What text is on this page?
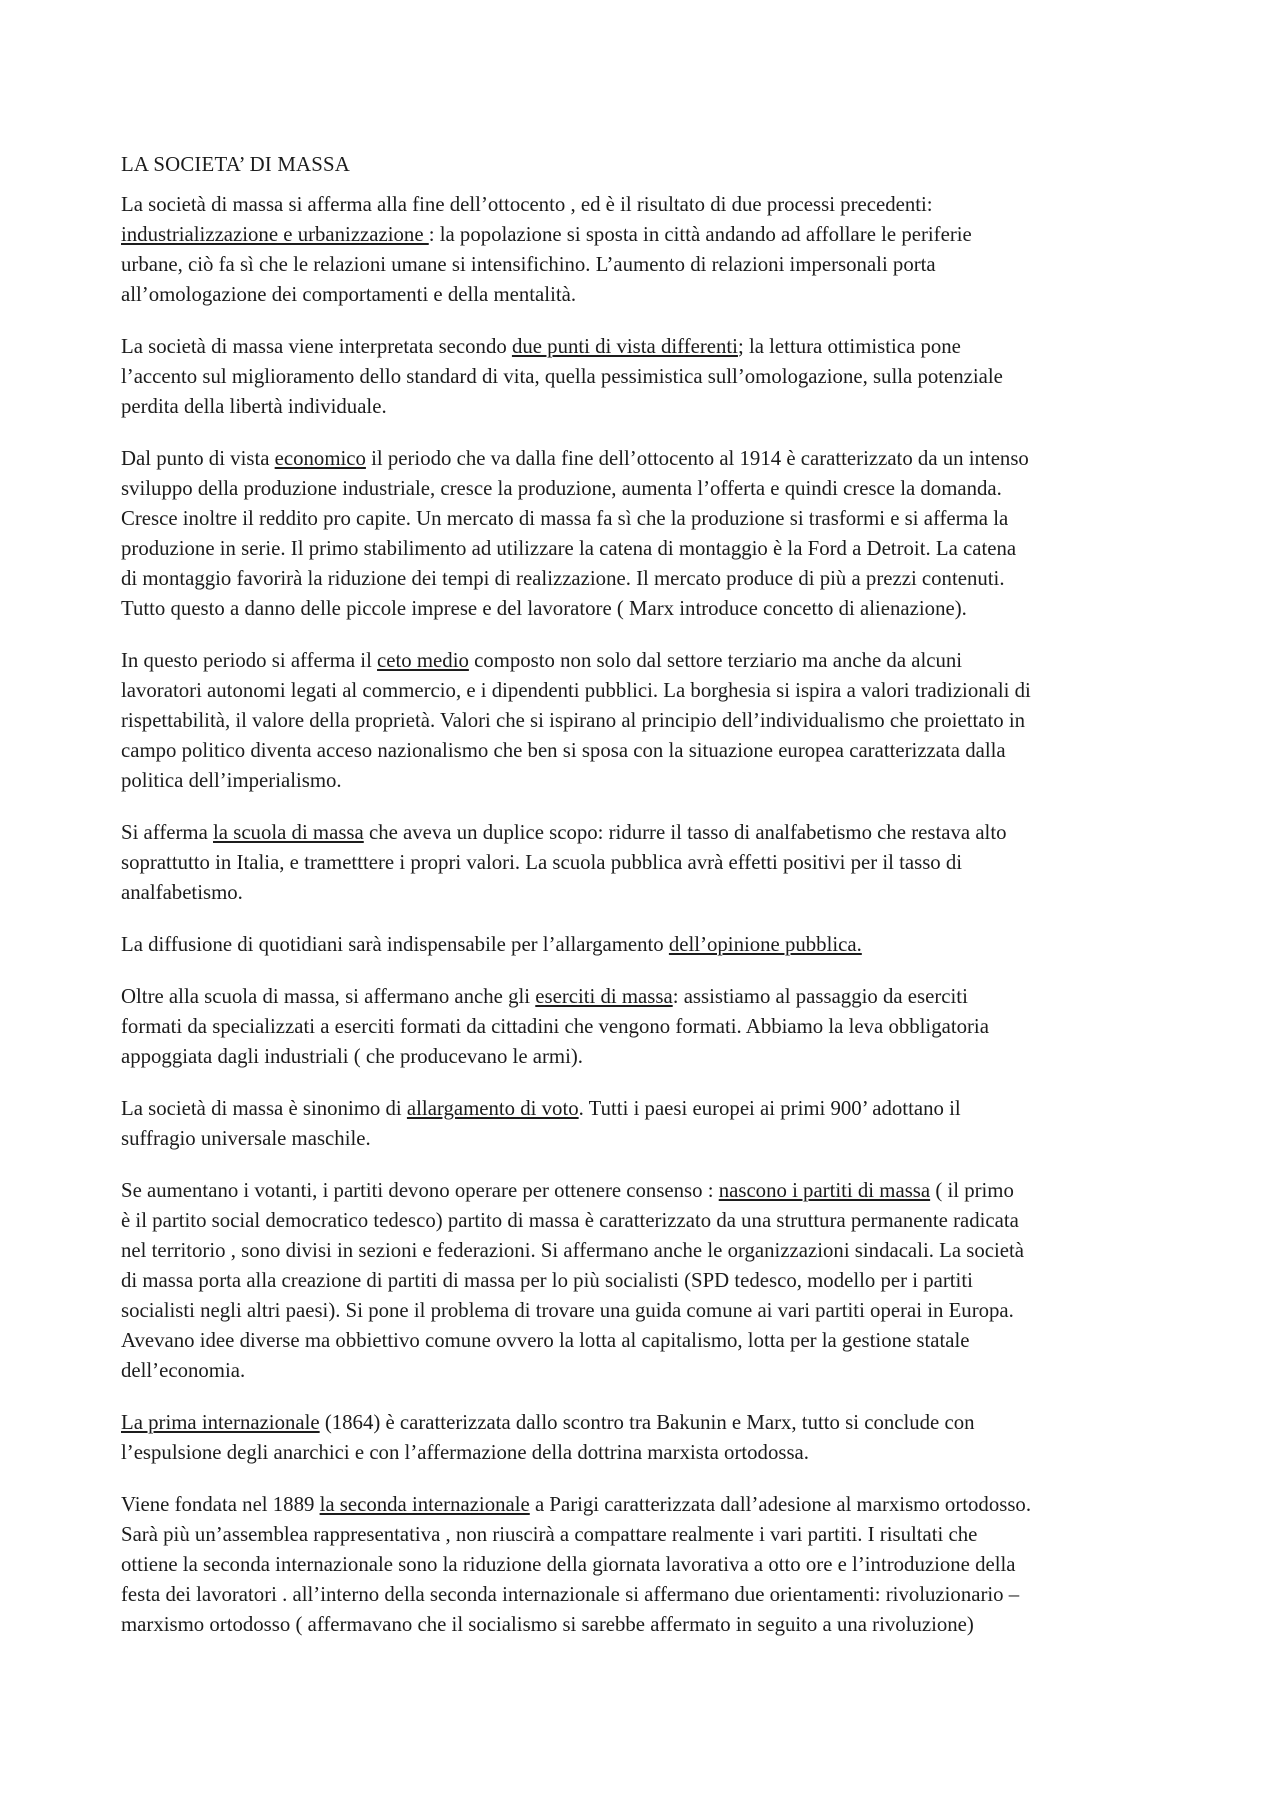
LA SOCIETA’ DI MASSA

La società di massa si afferma alla fine dell’ottocento , ed è il risultato di due processi precedenti:
industrializzazione e urbanizzazione : la popolazione si sposta in città andando ad affollare le periferie
urbane, ciò fa sì che le relazioni umane si intensifichino. L’aumento di relazioni impersonali porta
all’omologazione dei comportamenti e della mentalità.

La società di massa viene interpretata secondo due punti di vista differenti; la lettura ottimistica pone
l’accento sul miglioramento dello standard di vita, quella pessimistica sull’omologazione, sulla potenziale
perdita della libertà individuale.

Dal punto di vista economico il periodo che va dalla fine dell’ottocento al 1914 è caratterizzato da un intenso
sviluppo della produzione industriale, cresce la produzione, aumenta l’offerta e quindi cresce la domanda.
Cresce inoltre il reddito pro capite. Un mercato di massa fa sì che la produzione si trasformi e si afferma la
produzione in serie. Il primo stabilimento ad utilizzare la catena di montaggio è la Ford a Detroit. La catena
di montaggio favorirà la riduzione dei tempi di realizzazione. Il mercato produce di più a prezzi contenuti.
Tutto questo a danno delle piccole imprese e del lavoratore ( Marx introduce concetto di alienazione).

In questo periodo si afferma il ceto medio composto non solo dal settore terziario ma anche da alcuni
lavoratori autonomi legati al commercio, e i dipendenti pubblici. La borghesia si ispira a valori tradizionali di
rispettabilità, il valore della proprietà. Valori che si ispirano al principio dell’individualismo che proiettato in
campo politico diventa acceso nazionalismo che ben si sposa con la situazione europea caratterizzata dalla
politica dell’imperialismo.

Si afferma la scuola di massa che aveva un duplice scopo: ridurre il tasso di analfabetismo che restava alto
soprattutto in Italia, e trametttere i propri valori. La scuola pubblica avrà effetti positivi per il tasso di
analfabetismo.

La diffusione di quotidiani sarà indispensabile per l’allargamento dell’opinione pubblica.

Oltre alla scuola di massa, si affermano anche gli eserciti di massa: assistiamo al passaggio da eserciti
formati da specializzati a eserciti formati da cittadini che vengono formati. Abbiamo la leva obbligatoria
appoggiata dagli industriali ( che producevano le armi).

La società di massa è sinonimo di allargamento di voto. Tutti i paesi europei ai primi 900’ adottano il
suffragio universale maschile.

Se aumentano i votanti, i partiti devono operare per ottenere consenso : nascono i partiti di massa ( il primo
è il partito social democratico tedesco) partito di massa è caratterizzato da una struttura permanente radicata
nel territorio , sono divisi in sezioni e federazioni. Si affermano anche le organizzazioni sindacali. La società
di massa porta alla creazione di partiti di massa per lo più socialisti (SPD tedesco, modello per i partiti
socialisti negli altri paesi). Si pone il problema di trovare una guida comune ai vari partiti operai in Europa.
Avevano idee diverse ma obbiettivo comune ovvero la lotta al capitalismo, lotta per la gestione statale
dell’economia.

La prima internazionale (1864) è caratterizzata dallo scontro tra Bakunin e Marx, tutto si conclude con
l’espulsione degli anarchici e con l’affermazione della dottrina marxista ortodossa.

Viene fondata nel 1889 la seconda internazionale a Parigi caratterizzata dall’adesione al marxismo ortodosso.
Sarà più un’assemblea rappresentativa , non riuscirà a compattare realmente i vari partiti. I risultati che
ottiene la seconda internazionale sono la riduzione della giornata lavorativa a otto ore e l’introduzione della
festa dei lavoratori . all’interno della seconda internazionale si affermano due orientamenti: rivoluzionario –
marxismo ortodosso ( affermavano che il socialismo si sarebbe affermato in seguito a una rivoluzione)
